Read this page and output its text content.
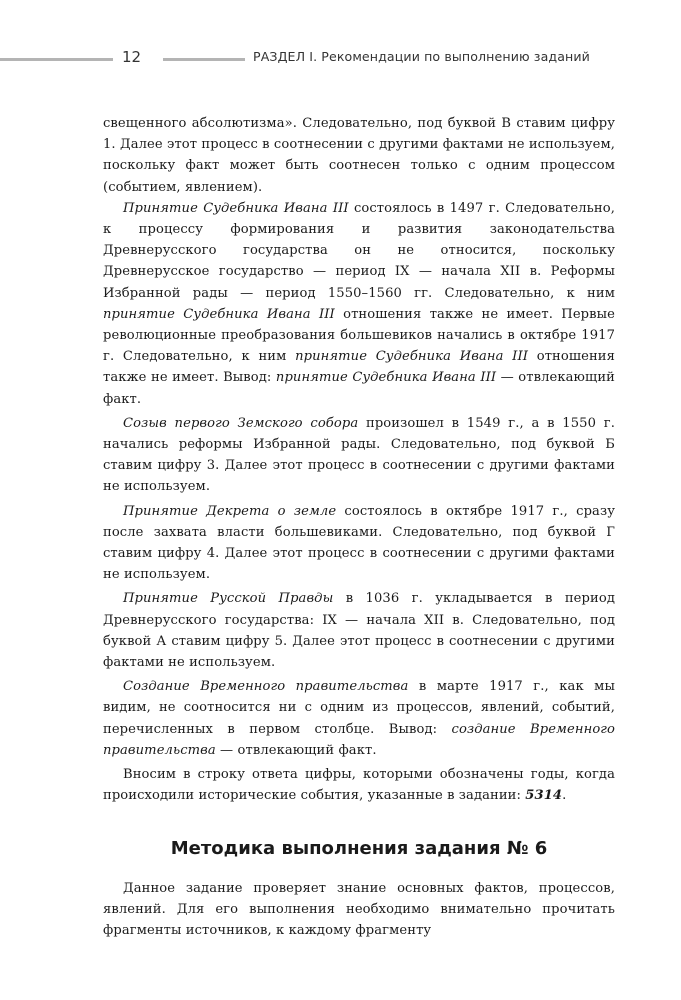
12	РАЗДЕЛ I. Рекомендации по выполнению заданий

свещенного абсолютизма». Следовательно, под буквой В ставим цифру 1. Далее этот процесс в соотнесении с другими фактами не используем, поскольку факт может быть соотнесен только с одним процессом (событием, явлением).

Принятие Судебника Ивана III состоялось в 1497 г. Следовательно, к процессу формирования и развития законодательства Древнерусского государства он не относится, поскольку Древнерусское государство — период IX — начала XII в. Реформы Избранной рады — период 1550–1560 гг. Следовательно, к ним принятие Судебника Ивана III отношения также не имеет. Первые революционные преобразования большевиков начались в октябре 1917 г. Следовательно, к ним принятие Судебника Ивана III отношения также не имеет. Вывод: принятие Судебника Ивана III — отвлекающий факт.

Созыв первого Земского собора произошел в 1549 г., а в 1550 г. начались реформы Избранной рады. Следовательно, под буквой Б ставим цифру 3. Далее этот процесс в соотнесении с другими фактами не используем.

Принятие Декрета о земле состоялось в октябре 1917 г., сразу после захвата власти большевиками. Следовательно, под буквой Г ставим цифру 4. Далее этот процесс в соотнесении с другими фактами не используем.

Принятие Русской Правды в 1036 г. укладывается в период Древнерусского государства: IX — начала XII в. Следовательно, под буквой А ставим цифру 5. Далее этот процесс в соотнесении с другими фактами не используем.

Создание Временного правительства в марте 1917 г., как мы видим, не соотносится ни с одним из процессов, явлений, событий, перечисленных в первом столбце. Вывод: создание Временного правительства — отвлекающий факт.

Вносим в строку ответа цифры, которыми обозначены годы, когда происходили исторические события, указанные в задании: 5314.

Методика выполнения задания № 6

Данное задание проверяет знание основных фактов, процессов, явлений. Для его выполнения необходимо внимательно прочитать фрагменты источников, к каждому фрагменту
